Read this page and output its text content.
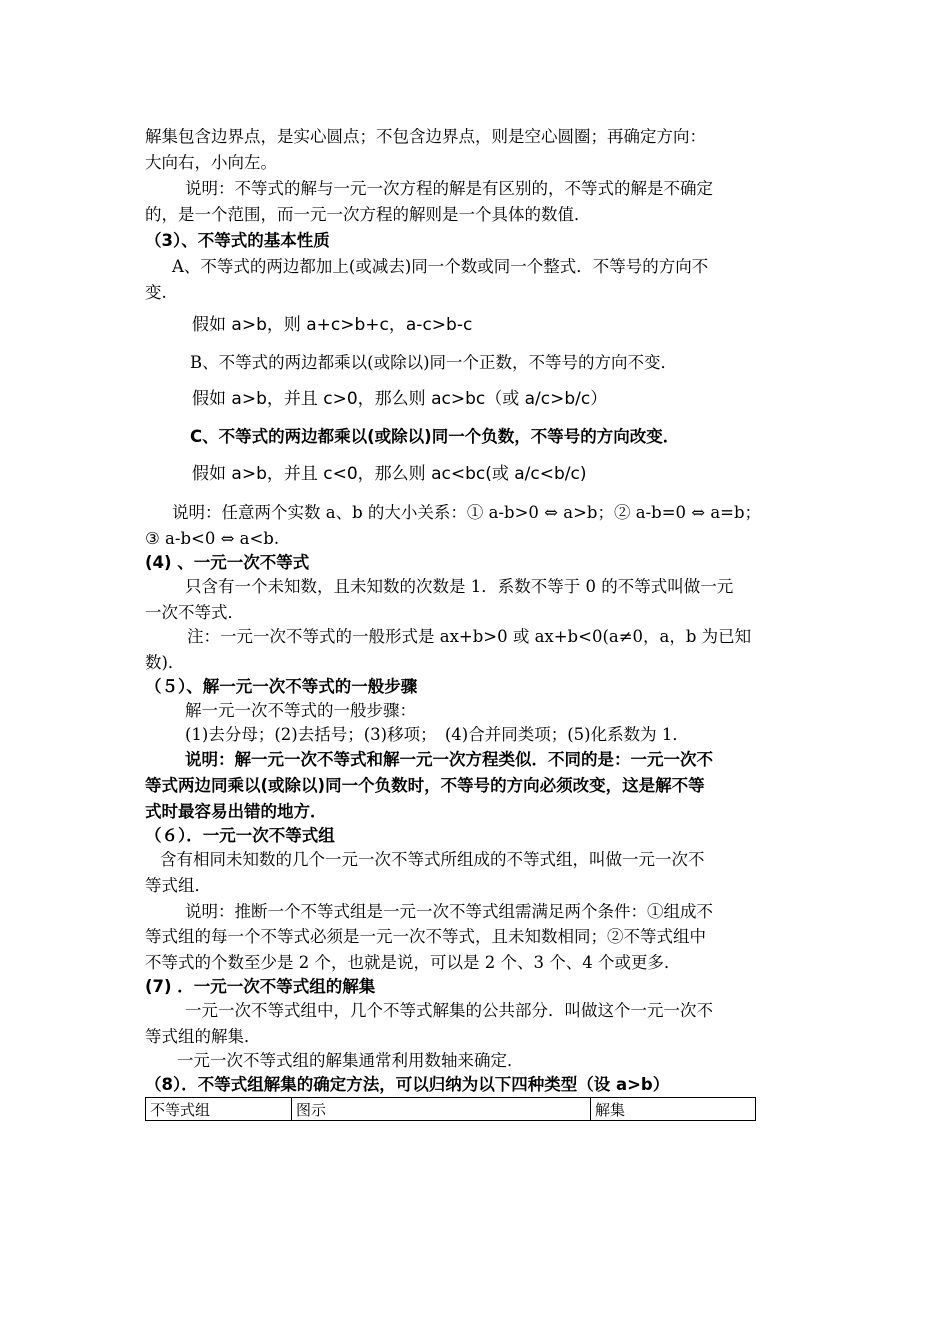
解集包含边界点，是实心圆点；不包含边界点，则是空心圆圈；再确定方向：
大向右，小向左。
说明：不等式的解与一元一次方程的解是有区别的，不等式的解是不确定
的，是一个范围，而一元一次方程的解则是一个具体的数值．
（3）、不等式的基本性质
A、不等式的两边都加上(或减去)同一个数或同一个整式．不等号的方向不
变.
假如 a>b，则 a+c>b+c，a-c>b-c
B、不等式的两边都乘以(或除以)同一个正数，不等号的方向不变．
假如 a>b，并且 c>0，那么则 ac>bc（或 a/c>b/c）
C、不等式的两边都乘以(或除以)同一个负数，不等号的方向改变．
假如 a>b，并且 c<0，那么则 ac<bc(或 a/c<b/c)
说明：任意两个实数 a、b 的大小关系：① a-b>0 ⇔ a>b；② a-b=0 ⇔ a=b；
③ a-b<0 ⇔ a<b.
(4) 、一元一次不等式
只含有一个未知数，且未知数的次数是 1．系数不等于 0 的不等式叫做一元
一次不等式．
注：一元一次不等式的一般形式是 ax+b>0 或 ax+b<0(a≠0，a，b 为已知
数)．
（５）、解一元一次不等式的一般步骤
解一元一次不等式的一般步骤：
(1)去分母；(2)去括号；(3)移项；　(4)合并同类项；(5)化系数为 1．
说明：解一元一次不等式和解一元一次方程类似．不同的是：一元一次不
等式两边同乘以(或除以)同一个负数时，不等号的方向必须改变，这是解不等
式时最容易出错的地方．
（６）．一元一次不等式组
含有相同未知数的几个一元一次不等式所组成的不等式组，叫做一元一次不
等式组．
说明：推断一个不等式组是一元一次不等式组需满足两个条件：①组成不
等式组的每一个不等式必须是一元一次不等式，且未知数相同；②不等式组中
不等式的个数至少是 2 个，也就是说，可以是 2 个、3 个、4 个或更多．
(7) ．一元一次不等式组的解集
一元一次不等式组中，几个不等式解集的公共部分．叫做这个一元一次不
等式组的解集．
一元一次不等式组的解集通常利用数轴来确定．
（8）．不等式组解集的确定方法，可以归纳为以下四种类型（设 a>b）
不等式组	图示	解集
